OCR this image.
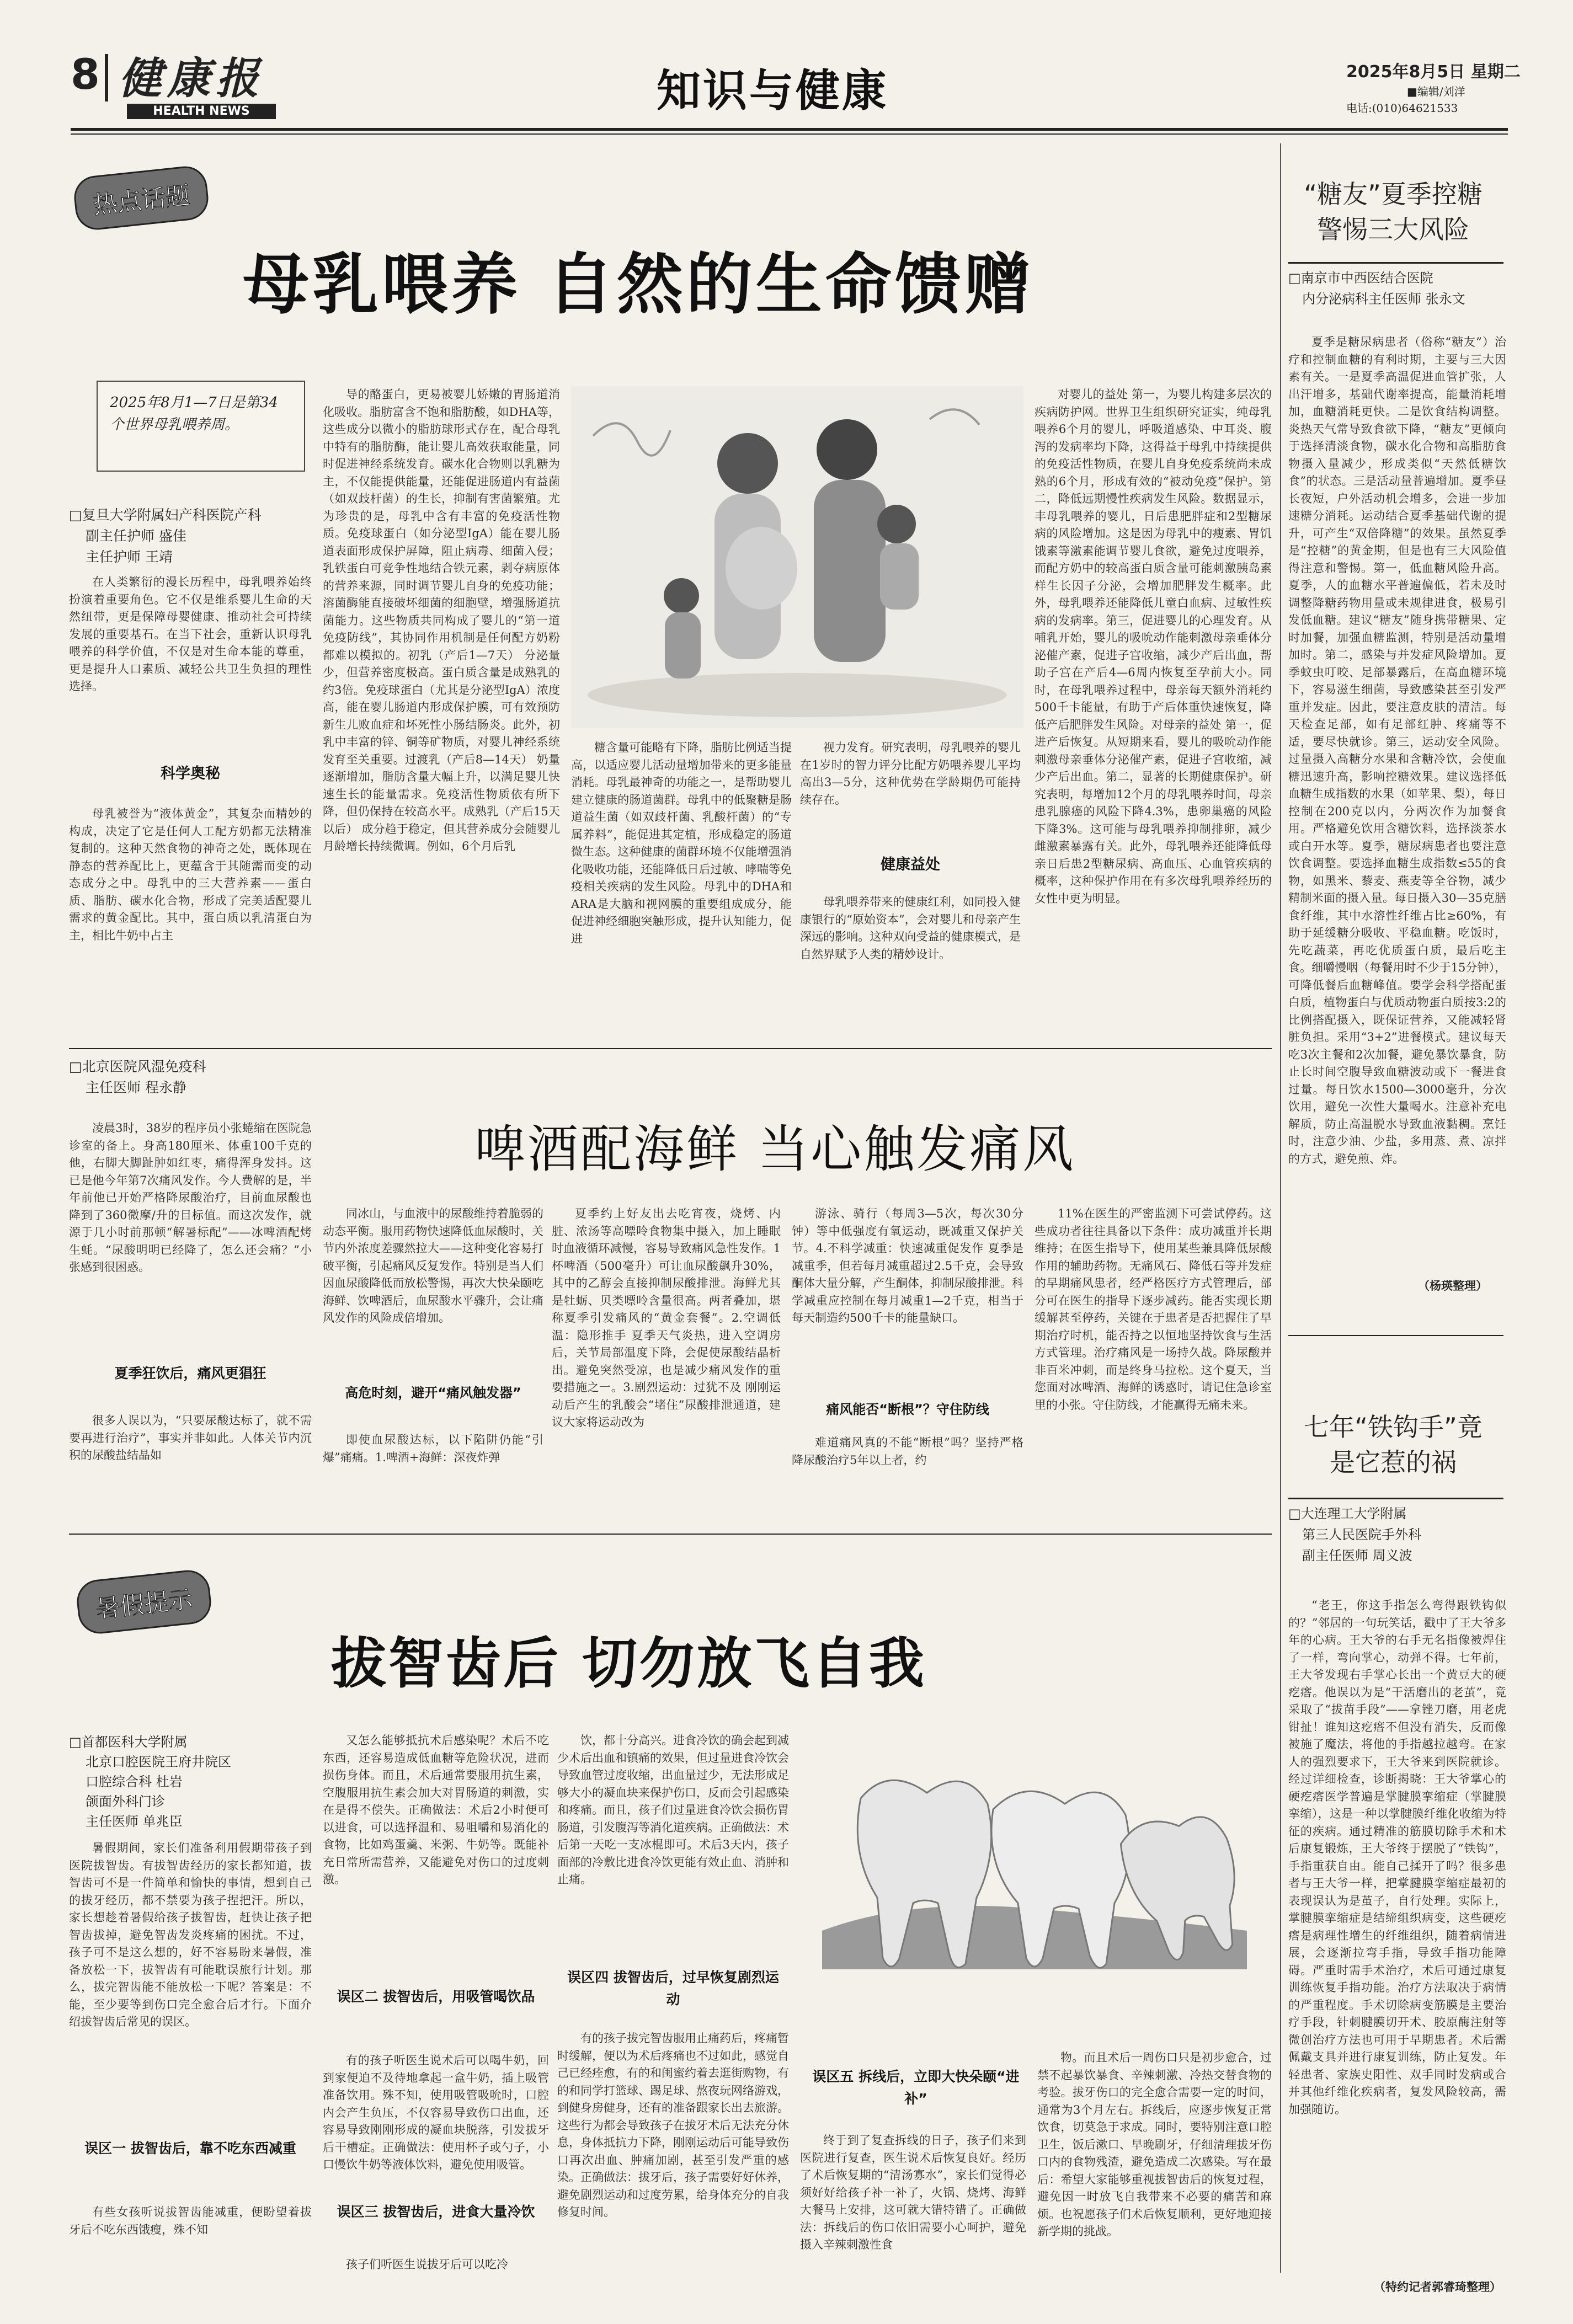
8 健康报
HEALTH NEWS	知识与健康	2025年8月5日 星期二
■编辑/刘洋
电话:(010)64621533
热点话题
母乳喂养 自然的生命馈赠
2025年8月1—7日是第34个世界母乳喂养周。
□复旦大学附属妇产科医院产科
副主任护师 盛佳
主任护师 王靖

在人类繁衍的漫长历程中，母乳喂养始终扮演着重要角色。它不仅是维系婴儿生命的天然纽带，更是保障母婴健康、推动社会可持续发展的重要基石。在当下社会，重新认识母乳喂养的科学价值，不仅是对生命本能的尊重，更是提升人口素质、减轻公共卫生负担的理性选择。

科学奥秘

母乳被誉为“液体黄金”，其复杂而精妙的构成，决定了它是任何人工配方奶都无法精准复制的。这种天然食物的神奇之处，既体现在静态的营养配比上，更蕴含于其随需而变的动态成分之中。母乳中的三大营养素——蛋白质、脂肪、碳水化合物，形成了完美适配婴儿需求的黄金配比。其中，蛋白质以乳清蛋白为主，相比牛奶中占主

导的酪蛋白，更易被婴儿娇嫩的胃肠道消化吸收。脂肪富含不饱和脂肪酸，如DHA等，这些成分以微小的脂肪球形式存在，配合母乳中特有的脂肪酶，能让婴儿高效获取能量，同时促进神经系统发育。碳水化合物则以乳糖为主，不仅能提供能量，还能促进肠道内有益菌（如双歧杆菌）的生长，抑制有害菌繁殖。尤为珍贵的是，母乳中含有丰富的免疫活性物质。免疫球蛋白（如分泌型IgA）能在婴儿肠道表面形成保护屏障，阻止病毒、细菌入侵；乳铁蛋白可竞争性地结合铁元素，剥夺病原体的营养来源，同时调节婴儿自身的免疫功能；溶菌酶能直接破坏细菌的细胞壁，增强肠道抗菌能力。这些物质共同构成了婴儿的“第一道免疫防线”，其协同作用机制是任何配方奶粉都难以模拟的。初乳（产后1—7天） 分泌量少，但营养密度极高。蛋白质含量是成熟乳的约3倍。免疫球蛋白（尤其是分泌型IgA）浓度高，能在婴儿肠道内形成保护膜，可有效预防新生儿败血症和坏死性小肠结肠炎。此外，初乳中丰富的锌、铜等矿物质，对婴儿神经系统发育至关重要。过渡乳（产后8—14天） 奶量逐渐增加，脂肪含量大幅上升，以满足婴儿快速生长的能量需求。免疫活性物质依有所下降，但仍保持在较高水平。成熟乳（产后15天以后） 成分趋于稳定，但其营养成分会随婴儿月龄增长持续微调。例如，6个月后乳

糖含量可能略有下降，脂肪比例适当提高，以适应婴儿活动量增加带来的更多能量消耗。母乳最神奇的功能之一，是帮助婴儿建立健康的肠道菌群。母乳中的低聚糖是肠道益生菌（如双歧杆菌、乳酸杆菌）的“专属养料”，能促进其定植，形成稳定的肠道微生态。这种健康的菌群环境不仅能增强消化吸收功能，还能降低日后过敏、哮喘等免疫相关疾病的发生风险。母乳中的DHA和ARA是大脑和视网膜的重要组成成分，能促进神经细胞突触形成，提升认知能力，促进

视力发育。研究表明，母乳喂养的婴儿在1岁时的智力评分比配方奶喂养婴儿平均高出3—5分，这种优势在学龄期仍可能持续存在。

健康益处

母乳喂养带来的健康红利，如同投入健康银行的“原始资本”，会对婴儿和母亲产生深远的影响。这种双向受益的健康模式，是自然界赋予人类的精妙设计。

对婴儿的益处 第一，为婴儿构建多层次的疾病防护网。世界卫生组织研究证实，纯母乳喂养6个月的婴儿，呼吸道感染、中耳炎、腹泻的发病率均下降，这得益于母乳中持续提供的免疫活性物质，在婴儿自身免疫系统尚未成熟的6个月，形成有效的“被动免疫”保护。第二，降低远期慢性疾病发生风险。数据显示，丰母乳喂养的婴儿，日后患肥胖症和2型糖尿病的风险增加。这是因为母乳中的瘦素、胃饥饿素等激素能调节婴儿食欲，避免过度喂养，而配方奶中的较高蛋白质含量可能刺激胰岛素样生长因子分泌，会增加肥胖发生概率。此外，母乳喂养还能降低儿童白血病、过敏性疾病的发病率。第三，促进婴儿的心理发育。从哺乳开始，婴儿的吸吮动作能刺激母亲垂体分泌催产素，促进子宫收缩，减少产后出血，帮助子宫在产后4—6周内恢复至孕前大小。同时，在母乳喂养过程中，母亲每天额外消耗约500千卡能量，有助于产后体重快速恢复，降低产后肥胖发生风险。对母亲的益处 第一，促进产后恢复。从短期来看，婴儿的吸吮动作能刺激母亲垂体分泌催产素，促进子宫收缩，减少产后出血。第二，显著的长期健康保护。研究表明，每增加12个月的母乳喂养时间，母亲患乳腺癌的风险下降4.3%，患卵巢癌的风险下降3%。这可能与母乳喂养抑制排卵，减少雌激素暴露有关。此外，母乳喂养还能降低母亲日后患2型糖尿病、高血压、心血管疾病的概率，这种保护作用在有多次母乳喂养经历的女性中更为明显。

“糖友”夏季控糖警惕三大风险
□南京市中西医结合医院
内分泌病科主任医师 张永文

夏季是糖尿病患者（俗称“糖友”）治疗和控制血糖的有利时期，主要与三大因素有关。一是夏季高温促进血管扩张，人出汗增多，基础代谢率提高，能量消耗增加，血糖消耗更快。二是饮食结构调整。炎热天气常导致食欲下降，“糖友”更倾向于选择清淡食物，碳水化合物和高脂肪食物摄入量减少，形成类似“天然低糖饮食”的状态。三是活动量普遍增加。夏季昼长夜短，户外活动机会增多，会进一步加速糖分消耗。运动结合夏季基础代谢的提升，可产生“双倍降糖”的效果。虽然夏季是“控糖”的黄金期，但是也有三大风险值得注意和警惕。第一，低血糖风险升高。夏季，人的血糖水平普遍偏低，若未及时调整降糖药物用量或未规律进食，极易引发低血糖。建议“糖友”随身携带糖果、定时加餐，加强血糖监测，特别是活动量增加时。第二，感染与并发症风险增加。夏季蚊虫叮咬、足部暴露后，在高血糖环境下，容易滋生细菌，导致感染甚至引发严重并发症。因此，要注意皮肤的清洁。每天检查足部，如有足部红肿、疼痛等不适，要尽快就诊。第三，运动安全风险。过量摄入高糖分水果和含糖冷饮，会使血糖迅速升高，影响控糖效果。建议选择低血糖生成指数的水果（如苹果、梨），每日控制在200克以内，分两次作为加餐食用。严格避免饮用含糖饮料，选择淡茶水或白开水等。夏季，糖尿病患者也要注意饮食调整。要选择血糖生成指数≤55的食物，如黑米、藜麦、燕麦等全谷物，减少精制米面的摄入量。每日摄入30—35克膳食纤维，其中水溶性纤维占比≥60%，有助于延缓糖分吸收、平稳血糖。吃饭时，先吃蔬菜，再吃优质蛋白质，最后吃主食。细嚼慢咽（每餐用时不少于15分钟），可降低餐后血糖峰值。要学会科学搭配蛋白质，植物蛋白与优质动物蛋白质按3:2的比例搭配摄入，既保证营养，又能减轻肾脏负担。采用“3+2”进餐模式。建议每天吃3次主餐和2次加餐，避免暴饮暴食，防止长时间空腹导致血糖波动或下一餐进食过量。每日饮水1500—3000毫升，分次饮用，避免一次性大量喝水。注意补充电解质，防止高温脱水导致血液黏稠。烹饪时，注意少油、少盐，多用蒸、煮、凉拌的方式，避免煎、炸。

（杨瑛整理）
七年“铁钩手”竟是它惹的祸
□大连理工大学附属
第三人民医院手外科
副主任医师 周义波

“老王，你这手指怎么弯得跟铁钩似的？”邻居的一句玩笑话，戳中了王大爷多年的心病。王大爷的右手无名指像被焊住了一样，弯向掌心，动弹不得。七年前，王大爷发现右手掌心长出一个黄豆大的硬疙瘩。他误以为是“干活磨出的老茧”，竟采取了“拔苗手段”——拿锉刀磨，用老虎钳扯！谁知这疙瘩不但没有消失，反而像被施了魔法，将他的手指越拉越弯。在家人的强烈要求下，王大爷来到医院就诊。经过详细检查，诊断揭晓：王大爷掌心的硬疙瘩医学普遍是掌腱膜挛缩症（掌腱膜挛缩），这是一种以掌腱膜纤维化收缩为特征的疾病。通过精准的筋膜切除手术和术后康复锻炼，王大爷终于摆脱了“铁钩”，手指重获自由。能自己揉开了吗？很多患者与王大爷一样，把掌腱膜挛缩症最初的表现误认为是茧子，自行处理。实际上，掌腱膜挛缩症是结缔组织病变，这些硬疙瘩是病理性增生的纤维组织，随着病情进展，会逐渐拉弯手指，导致手指功能障碍。严重时需手术治疗，术后可通过康复训练恢复手指功能。治疗方法取决于病情的严重程度。手术切除病变筋膜是主要治疗手段，针刺腱膜切开术、胶原酶注射等微创治疗方法也可用于早期患者。术后需佩戴支具并进行康复训练，防止复发。年轻患者、家族史阳性、双手同时发病或合并其他纤维化疾病者，复发风险较高，需加强随访。

（特约记者郭睿琦整理）
□北京医院风湿免疫科
主任医师 程永静
啤酒配海鲜 当心触发痛风

凌晨3时，38岁的程序员小张蜷缩在医院急诊室的备上。身高180厘米、体重100千克的他，右脚大脚趾肿如红枣，痛得浑身发抖。这已是他今年第7次痛风发作。今人费解的是，半年前他已开始严格降尿酸治疗，目前血尿酸也降到了360微摩/升的目标值。而这次发作，就源于几小时前那顿“解暑标配”——冰啤酒配烤生蚝。“尿酸明明已经降了，怎么还会痛？”小张感到很困惑。

夏季狂饮后，痛风更猖狂

很多人误以为，“只要尿酸达标了，就不需要再进行治疗”，事实并非如此。人体关节内沉积的尿酸盐结晶如

同冰山，与血液中的尿酸维持着脆弱的动态平衡。服用药物快速降低血尿酸时，关节内外浓度差骤然拉大——这种变化容易打破平衡，引起痛风反复发作。特别是当人们因血尿酸降低而放松警惕，再次大快朵颐吃海鲜、饮啤酒后，血尿酸水平骤升，会让痛风发作的风险成倍增加。

高危时刻，避开“痛风触发器”

即使血尿酸达标，以下陷阱仍能“引爆”痛痛。1.啤酒+海鲜：深夜炸弹

夏季约上好友出去吃宵夜，烧烤、内脏、浓汤等高嘌呤食物集中摄入，加上睡眠时血液循环减慢，容易导致痛风急性发作。1杯啤酒（500毫升）可让血尿酸飙升30%，其中的乙醇会直接抑制尿酸排泄。海鲜尤其是牡蛎、贝类嘌呤含量很高。两者叠加，堪称夏季引发痛风的“黄金套餐”。2.空调低温：隐形推手 夏季天气炎热，进入空调房后，关节局部温度下降，会促使尿酸结晶析出。避免突然受凉，也是减少痛风发作的重要措施之一。3.剧烈运动：过犹不及 刚刚运动后产生的乳酸会“堵住”尿酸排泄通道，建议大家将运动改为

游泳、骑行（每周3—5次，每次30分钟）等中低强度有氧运动，既减重又保护关节。4.不科学减重：快速减重促发作 夏季是减重季，但若每月减重超过2.5千克，会导致酮体大量分解，产生酮体，抑制尿酸排泄。科学减重应控制在每月减重1—2千克，相当于每天制造约500千卡的能量缺口。

痛风能否“断根”？守住防线

难道痛风真的不能“断根”吗？坚持严格降尿酸治疗5年以上者，约

11%在医生的严密监测下可尝试停药。这些成功者往往具备以下条件：成功减重并长期维持；在医生指导下，使用某些兼具降低尿酸作用的辅助药物。无痛风石、降低石等并发症的早期痛风患者，经严格医疗方式管理后，部分可在医生的指导下逐步减药。能否实现长期缓解甚至停药，关键在于患者是否把握住了早期治疗时机，能否持之以恒地坚持饮食与生活方式管理。治疗痛风是一场持久战。降尿酸并非百米冲刺，而是终身马拉松。这个夏天，当您面对冰啤酒、海鲜的诱惑时，请记住急诊室里的小张。守住防线，才能赢得无痛未来。

暑假提示
拔智齿后 切勿放飞自我
□首都医科大学附属
北京口腔医院王府井院区
口腔综合科 杜岩
颌面外科门诊
主任医师 单兆臣

暑假期间，家长们准备利用假期带孩子到医院拔智齿。有拔智齿经历的家长都知道，拔智齿可不是一件简单和愉快的事情，想到自己的拔牙经历，都不禁要为孩子捏把汗。所以，家长想趁着暑假给孩子拔智齿，赶快让孩子把智齿拔掉，避免智齿发炎疼痛的困扰。不过，孩子可不是这么想的，好不容易盼来暑假，准备放松一下，拔智齿有可能耽误旅行计划。那么，拔完智齿能不能放松一下呢？答案是：不能，至少要等到伤口完全愈合后才行。下面介绍拔智齿后常见的误区。

误区一 拔智齿后，靠不吃东西减重

有些女孩听说拔智齿能减重，便盼望着拔牙后不吃东西饿瘦，殊不知

又怎么能够抵抗术后感染呢？术后不吃东西，还容易造成低血糖等危险状况，进而损伤身体。而且，术后通常要服用抗生素，空腹服用抗生素会加大对胃肠道的刺激，实在是得不偿失。正确做法：术后2小时便可以进食，可以选择温和、易咀嚼和易消化的食物，比如鸡蛋羹、米粥、牛奶等。既能补充日常所需营养，又能避免对伤口的过度刺激。

误区二 拔智齿后，用吸管喝饮品

有的孩子听医生说术后可以喝牛奶，回到家便迫不及待地拿起一盒牛奶，插上吸管准备饮用。殊不知，使用吸管吸吮时，口腔内会产生负压，不仅容易导致伤口出血，还容易导致刚刚形成的凝血块脱落，引发拔牙后干槽症。正确做法：使用杯子或勺子，小口慢饮牛奶等液体饮料，避免使用吸管。

误区三 拔智齿后，进食大量冷饮

孩子们听医生说拔牙后可以吃冷

饮，都十分高兴。进食冷饮的确会起到减少术后出血和镇痛的效果，但过量进食冷饮会导致血管过度收缩，出血量过少，无法形成足够大小的凝血块来保护伤口，反而会引起感染和疼痛。而且，孩子们过量进食冷饮会损伤胃肠道，引发腹泻等消化道疾病。正确做法：术后第一天吃一支冰棍即可。术后3天内，孩子面部的冷敷比进食冷饮更能有效止血、消肿和止痛。

误区四 拔智齿后，过早恢复剧烈运动

有的孩子拔完智齿服用止痛药后，疼痛暂时缓解，便以为术后疼痛也不过如此，感觉自己已经痊愈，有的和闺蜜约着去逛街购物，有的和同学打篮球、踢足球、熬夜玩网络游戏，到健身房健身，还有的准备跟家长出去旅游。这些行为都会导致孩子在拔牙术后无法充分休息，身体抵抗力下降，刚刚运动后可能导致伤口再次出血、肿痛加剧，甚至引发严重的感染。正确做法：拔牙后，孩子需要好好休养，避免剧烈运动和过度劳累，给身体充分的自我修复时间。

误区五 拆线后，立即大快朵颐“进补”

终于到了复查拆线的日子，孩子们来到医院进行复查，医生说术后恢复良好。经历了术后恢复期的“清汤寡水”，家长们觉得必须好好给孩子补一补了，火锅、烧烤、海鲜大餐马上安排，这可就大错特错了。正确做法：拆线后的伤口依旧需要小心呵护，避免摄入辛辣刺激性食

物。而且术后一周伤口只是初步愈合，过禁不起暴饮暴食、辛辣刺激、冷热交替食物的考验。拔牙伤口的完全愈合需要一定的时间，通常为3个月左右。拆线后，应逐步恢复正常饮食，切莫急于求成。同时，要特别注意口腔卫生，饭后漱口、早晚刷牙，仔细清理拔牙伤口内的食物残渣，避免造成二次感染。写在最后：希望大家能够重视拔智齿后的恢复过程，避免因一时放飞自我带来不必要的痛苦和麻烦。也祝愿孩子们术后恢复顺利，更好地迎接新学期的挑战。
